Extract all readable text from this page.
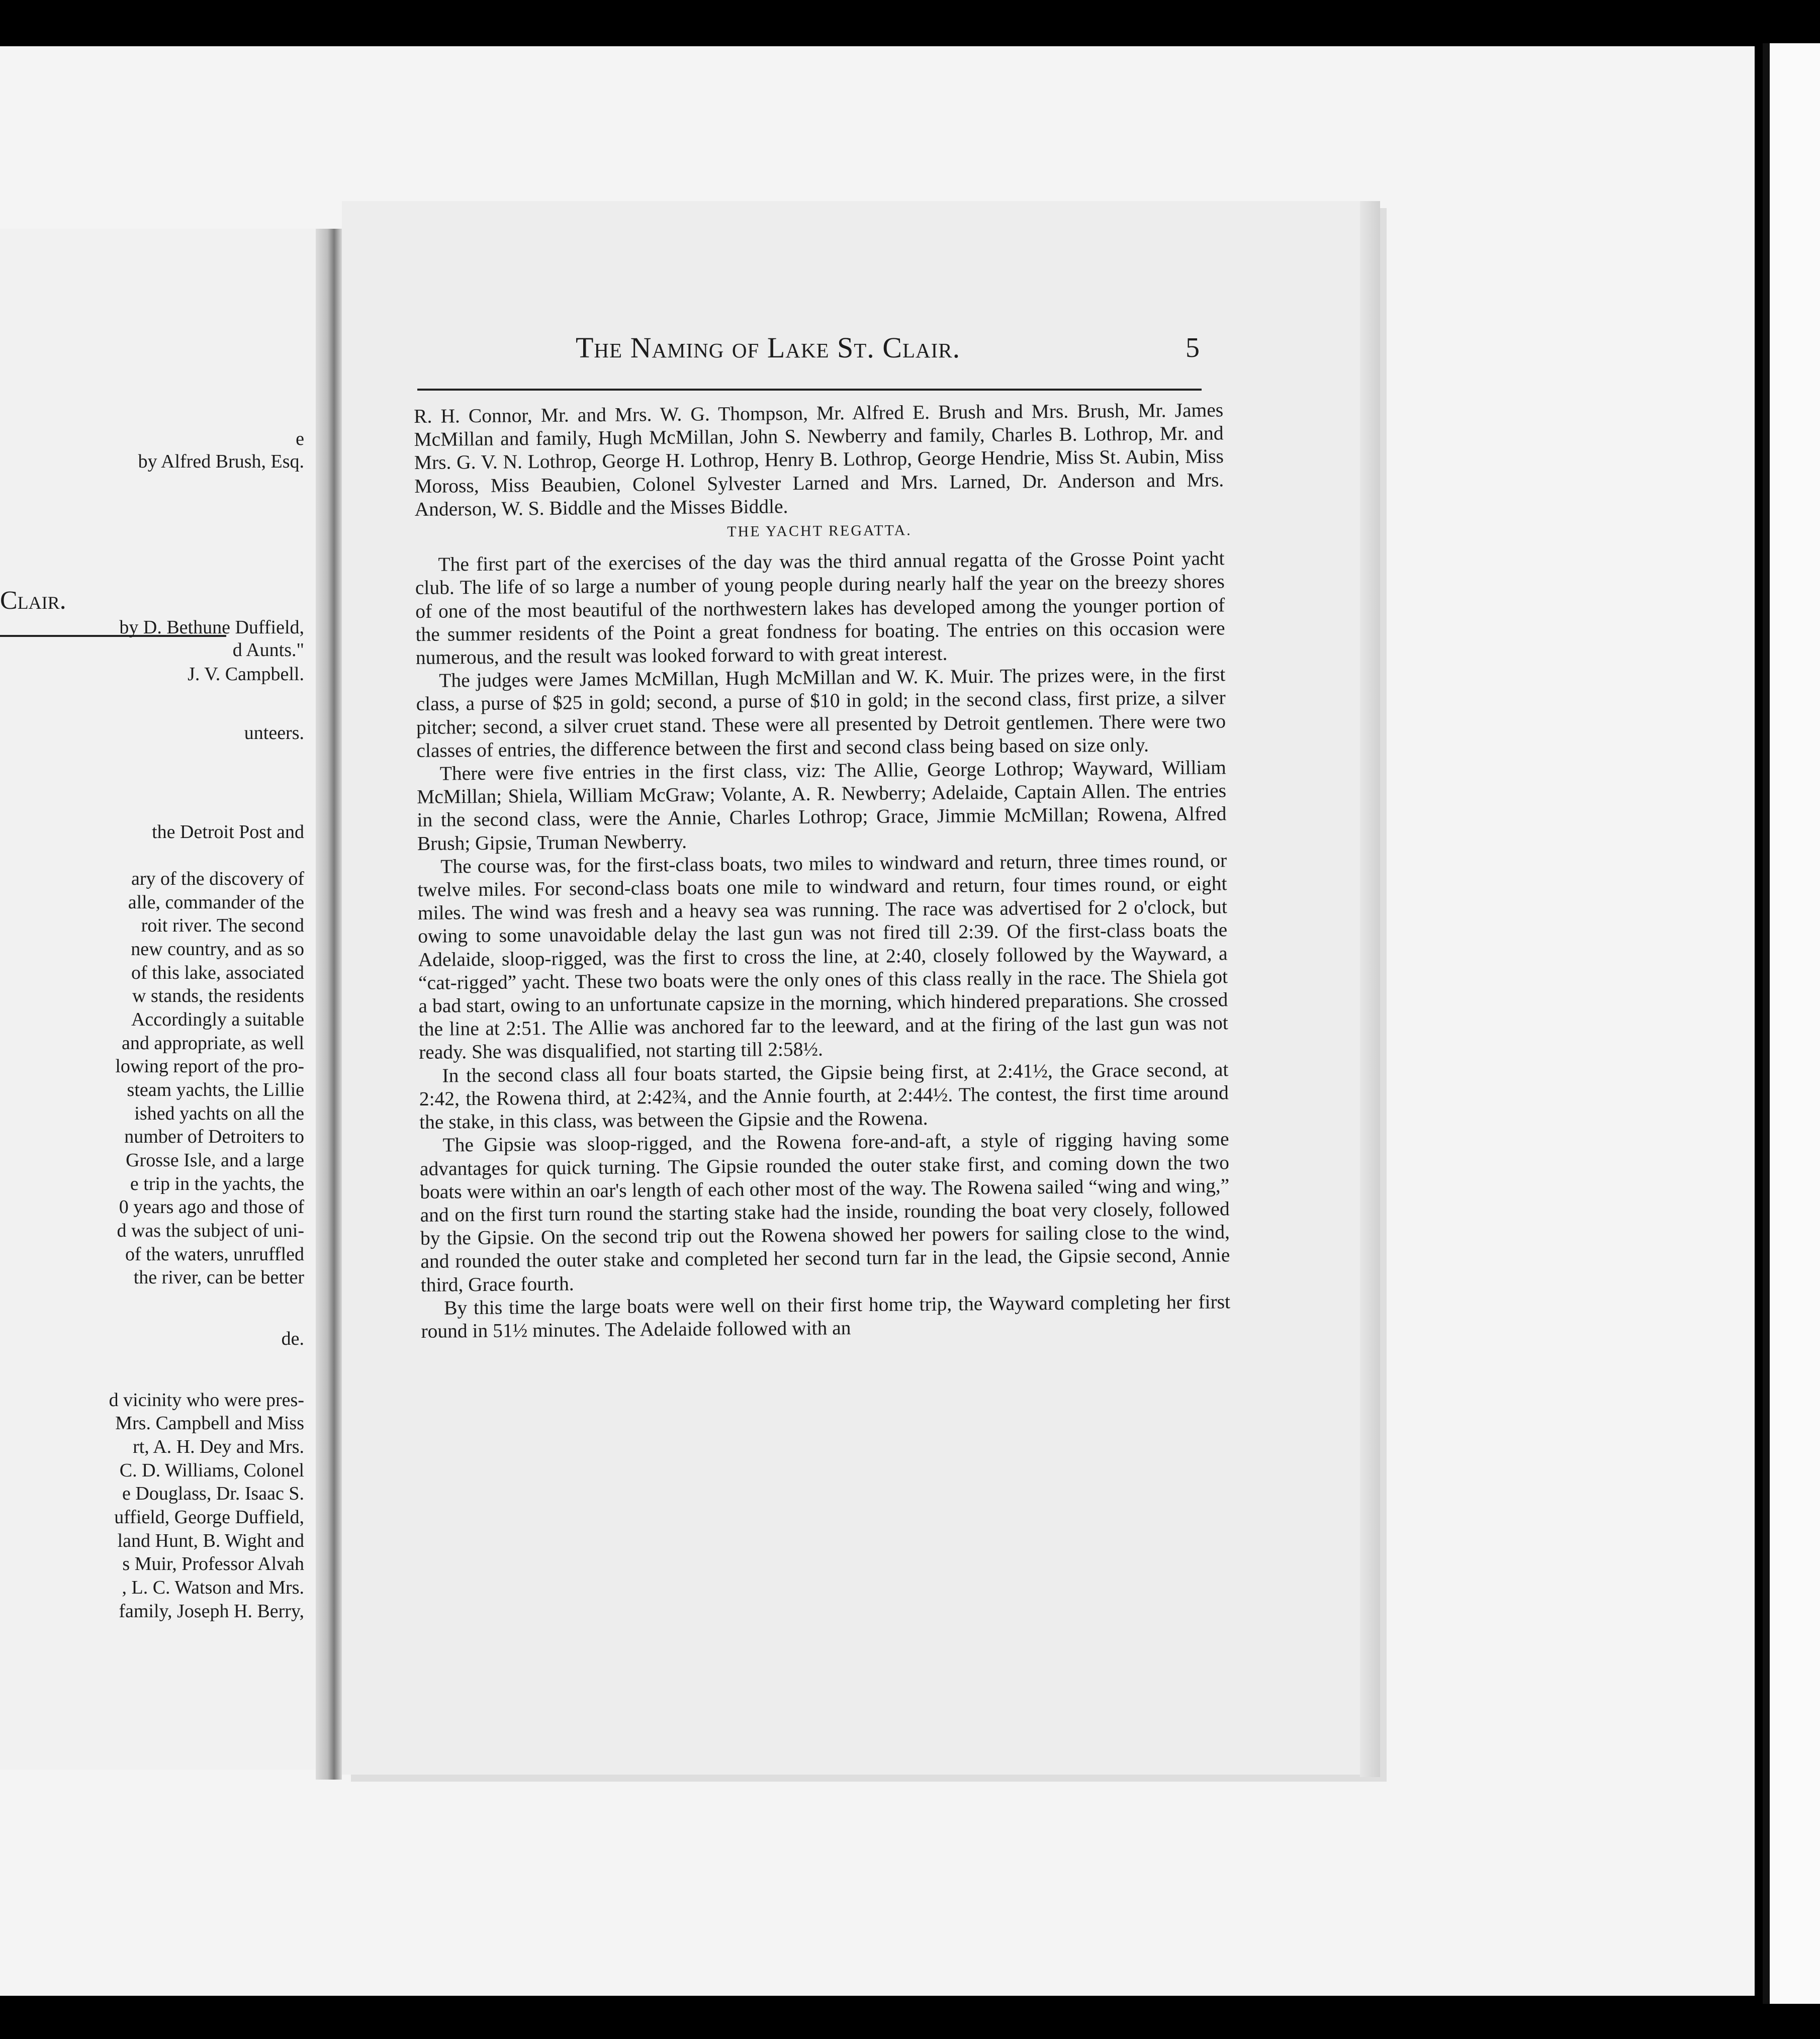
Clair.
e
by Alfred Brush, Esq.
by D. Bethune Duffield,
d Aunts."
J. V. Campbell.
unteers.
the Detroit Post and
ary of the discovery of
alle, commander of the
roit river. The second
new country, and as so
of this lake, associated
w stands, the residents
Accordingly a suitable
and appropriate, as well
lowing report of the pro-
steam yachts, the Lillie
ished yachts on all the
number of Detroiters to
Grosse Isle, and a large
e trip in the yachts, the
0 years ago and those of
d was the subject of uni-
of the waters, unruffled
the river, can be better
de.
d vicinity who were pres-
Mrs. Campbell and Miss
rt, A. H. Dey and Mrs.
C. D. Williams, Colonel
e Douglass, Dr. Isaac S.
uffield, George Duffield,
land Hunt, B. Wight and
s Muir, Professor Alvah
, L. C. Watson and Mrs.
family, Joseph H. Berry,
The Naming of Lake St. Clair.	5

R. H. Connor, Mr. and Mrs. W. G. Thompson, Mr. Alfred E. Brush and Mrs. Brush, Mr. James McMillan and family, Hugh McMillan, John S. Newberry and family, Charles B. Lothrop, Mr. and Mrs. G. V. N. Lothrop, George H. Lothrop, Henry B. Lothrop, George Hendrie, Miss St. Aubin, Miss Moross, Miss Beaubien, Colonel Sylvester Larned and Mrs. Larned, Dr. Anderson and Mrs. Anderson, W. S. Biddle and the Misses Biddle.

THE YACHT REGATTA.

The first part of the exercises of the day was the third annual regatta of the Grosse Point yacht club. The life of so large a number of young people during nearly half the year on the breezy shores of one of the most beautiful of the northwestern lakes has developed among the younger portion of the summer residents of the Point a great fondness for boating. The entries on this occasion were numerous, and the result was looked forward to with great interest.

The judges were James McMillan, Hugh McMillan and W. K. Muir. The prizes were, in the first class, a purse of $25 in gold; second, a purse of $10 in gold; in the second class, first prize, a silver pitcher; second, a silver cruet stand. These were all presented by Detroit gentlemen. There were two classes of entries, the difference between the first and second class being based on size only.

There were five entries in the first class, viz: The Allie, George Lothrop; Wayward, William McMillan; Shiela, William McGraw; Volante, A. R. Newberry; Adelaide, Captain Allen. The entries in the second class, were the Annie, Charles Lothrop; Grace, Jimmie McMillan; Rowena, Alfred Brush; Gipsie, Truman Newberry.

The course was, for the first-class boats, two miles to windward and return, three times round, or twelve miles. For second-class boats one mile to windward and return, four times round, or eight miles. The wind was fresh and a heavy sea was running. The race was advertised for 2 o'clock, but owing to some unavoidable delay the last gun was not fired till 2:39. Of the first-class boats the Adelaide, sloop-rigged, was the first to cross the line, at 2:40, closely followed by the Wayward, a “cat-rigged” yacht. These two boats were the only ones of this class really in the race. The Shiela got a bad start, owing to an unfortunate capsize in the morning, which hindered preparations. She crossed the line at 2:51. The Allie was anchored far to the leeward, and at the firing of the last gun was not ready. She was disqualified, not starting till 2:58½.

In the second class all four boats started, the Gipsie being first, at 2:41½, the Grace second, at 2:42, the Rowena third, at 2:42¾, and the Annie fourth, at 2:44½. The contest, the first time around the stake, in this class, was between the Gipsie and the Rowena.

The Gipsie was sloop-rigged, and the Rowena fore-and-aft, a style of rigging having some advantages for quick turning. The Gipsie rounded the outer stake first, and coming down the two boats were within an oar's length of each other most of the way. The Rowena sailed “wing and wing,” and on the first turn round the starting stake had the inside, rounding the boat very closely, followed by the Gipsie. On the second trip out the Rowena showed her powers for sailing close to the wind, and rounded the outer stake and completed her second turn far in the lead, the Gipsie second, Annie third, Grace fourth.

By this time the large boats were well on their first home trip, the Wayward completing her first round in 51½ minutes. The Adelaide followed with an
